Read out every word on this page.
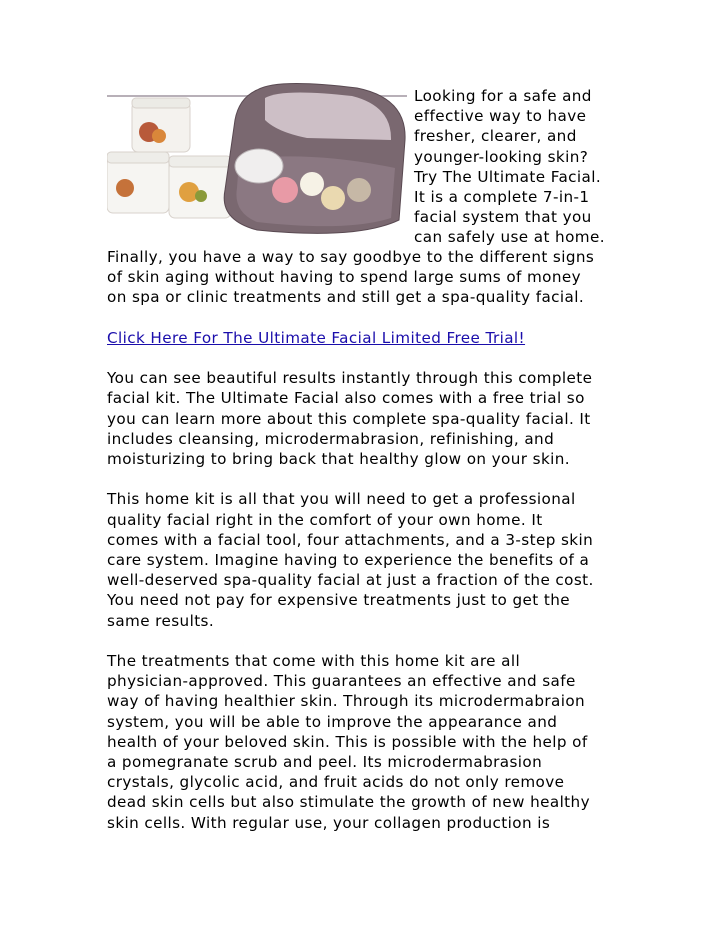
Looking for a safe and
effective way to have
fresher, clearer, and
younger-looking skin?
Try The Ultimate Facial.
It is a complete 7-in-1
facial system that you
can safely use at home.

Finally, you have a way to say goodbye to the different signs
of skin aging without having to spend large sums of money
on spa or clinic treatments and still get a spa-quality facial.

Click Here For The Ultimate Facial Limited Free Trial!

You can see beautiful results instantly through this complete
facial kit. The Ultimate Facial also comes with a free trial so
you can learn more about this complete spa-quality facial. It
includes cleansing, microdermabrasion, refinishing, and
moisturizing to bring back that healthy glow on your skin.

This home kit is all that you will need to get a professional
quality facial right in the comfort of your own home. It
comes with a facial tool, four attachments, and a 3-step skin
care system. Imagine having to experience the benefits of a
well-deserved spa-quality facial at just a fraction of the cost.
You need not pay for expensive treatments just to get the
same results.

The treatments that come with this home kit are all
physician-approved. This guarantees an effective and safe
way of having healthier skin. Through its microdermabraion
system, you will be able to improve the appearance and
health of your beloved skin. This is possible with the help of
a pomegranate scrub and peel. Its microdermabrasion
crystals, glycolic acid, and fruit acids do not only remove
dead skin cells but also stimulate the growth of new healthy
skin cells. With regular use, your collagen production is
